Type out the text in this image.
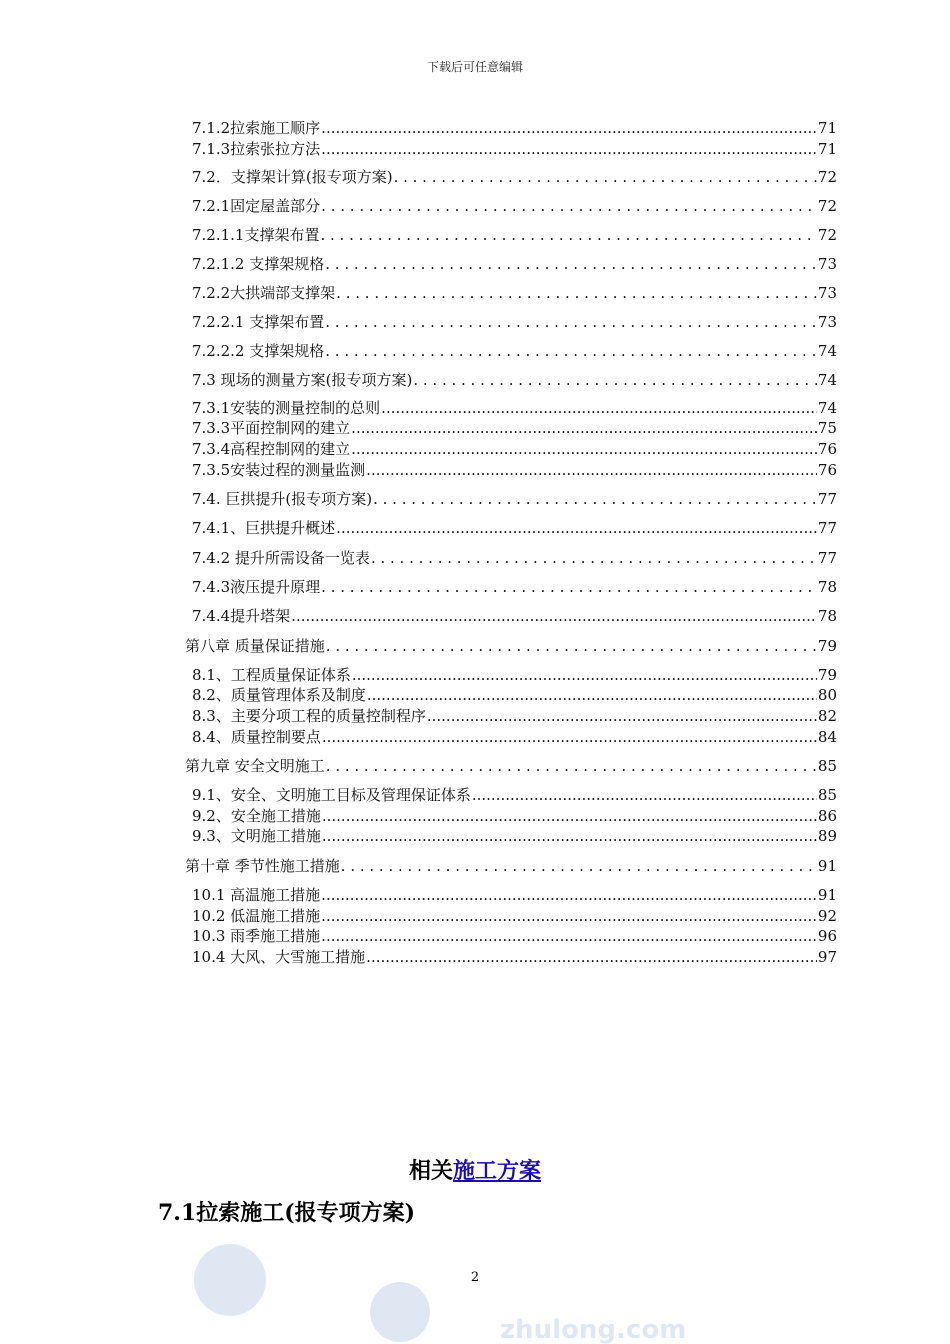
下载后可任意编辑
7.1.2拉索施工顺序 .....	71
7.1.3拉索张拉方法 .....	71
7.2．支撑架计算(报专项方案) . . .	72
7.2.1固定屋盖部分 . . .	72
7.2.1.1支撑架布置 . . .	72
7.2.1.2 支撑架规格 . . .	73
7.2.2大拱端部支撑架 . . .	73
7.2.2.1 支撑架布置 . . .	73
7.2.2.2 支撑架规格 . . .	74
7.3 现场的测量方案(报专项方案) . . .	74
7.3.1安装的测量控制的总则 .....	74
7.3.3平面控制网的建立 .....	75
7.3.4高程控制网的建立 .....	76
7.3.5安装过程的测量监测 .....	76
7.4. 巨拱提升(报专项方案) . . .	77
7.4.1、巨拱提升概述 .....	77
7.4.2 提升所需设备一览表 . . .	77
7.4.3液压提升原理 . . .	78
7.4.4提升塔架 .....	78
第八章 质量保证措施 . . .	79
8.1、工程质量保证体系 .....	79
8.2、质量管理体系及制度 .....	80
8.3、主要分项工程的质量控制程序 .....	82
8.4、质量控制要点 .....	84
第九章 安全文明施工 . . .	85
9.1、安全、文明施工目标及管理保证体系 .....	85
9.2、安全施工措施 .....	86
9.3、文明施工措施 .....	89
第十章 季节性施工措施 . . .	91
10.1 高温施工措施 .....	91
10.2 低温施工措施 .....	92
10.3 雨季施工措施 .....	96
10.4 大风、大雪施工措施 .....	97
相关施工方案
7.1拉索施工(报专项方案)
2
zhulong.com
